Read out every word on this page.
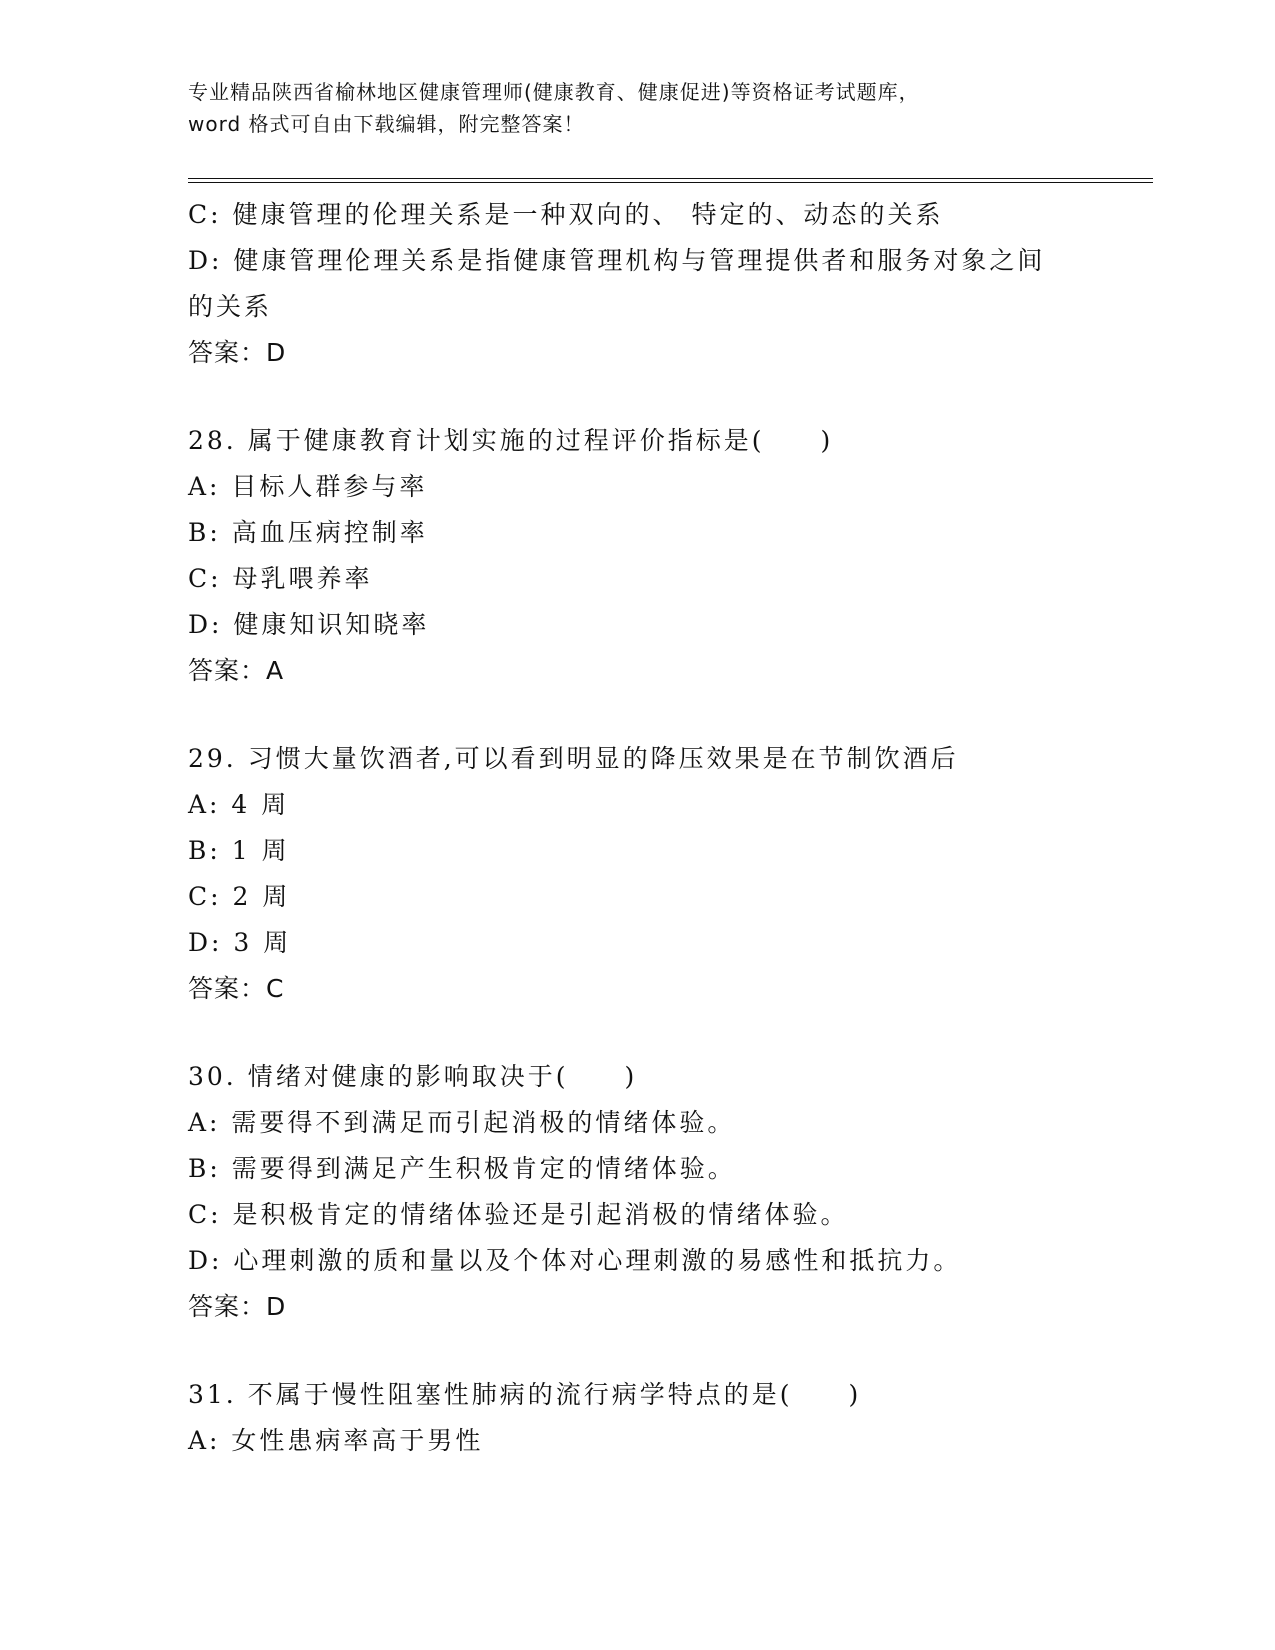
专业精品陕西省榆林地区健康管理师(健康教育、健康促进)等资格证考试题库，
word 格式可自由下载编辑，附完整答案！
C: 健康管理的伦理关系是一种双向的、 特定的、动态的关系
D: 健康管理伦理关系是指健康管理机构与管理提供者和服务对象之间
的关系
答案：D
28. 属于健康教育计划实施的过程评价指标是(　　)
A: 目标人群参与率
B: 高血压病控制率
C: 母乳喂养率
D: 健康知识知晓率
答案：A
29. 习惯大量饮酒者,可以看到明显的降压效果是在节制饮酒后
A: 4 周
B: 1 周
C: 2 周
D: 3 周
答案：C
30. 情绪对健康的影响取决于(　　)
A: 需要得不到满足而引起消极的情绪体验。
B: 需要得到满足产生积极肯定的情绪体验。
C: 是积极肯定的情绪体验还是引起消极的情绪体验。
D: 心理刺激的质和量以及个体对心理刺激的易感性和抵抗力。
答案：D
31. 不属于慢性阻塞性肺病的流行病学特点的是(　　)
A: 女性患病率高于男性
